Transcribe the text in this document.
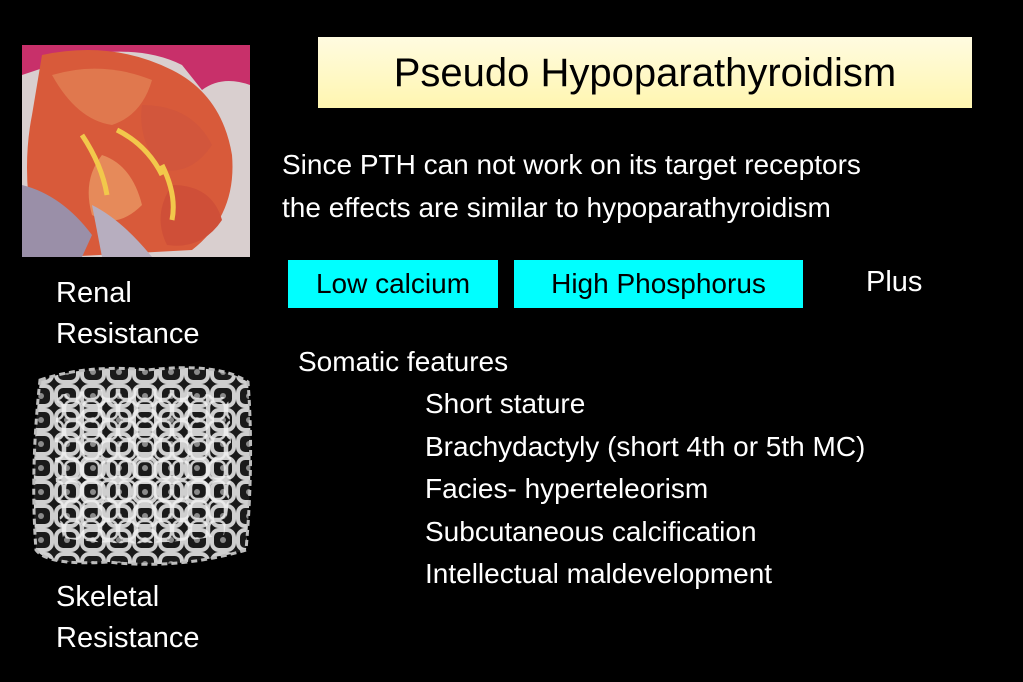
Pseudo Hypoparathyroidism
Since PTH can not work on its target receptors
the effects are similar to hypoparathyroidism
Low calcium	High Phosphorus	Plus
Somatic features
Short stature
Brachydactyly (short 4th or 5th MC)
Facies- hyperteleorism
Subcutaneous calcification
Intellectual maldevelopment
Renal
Resistance
Skeletal
Resistance
